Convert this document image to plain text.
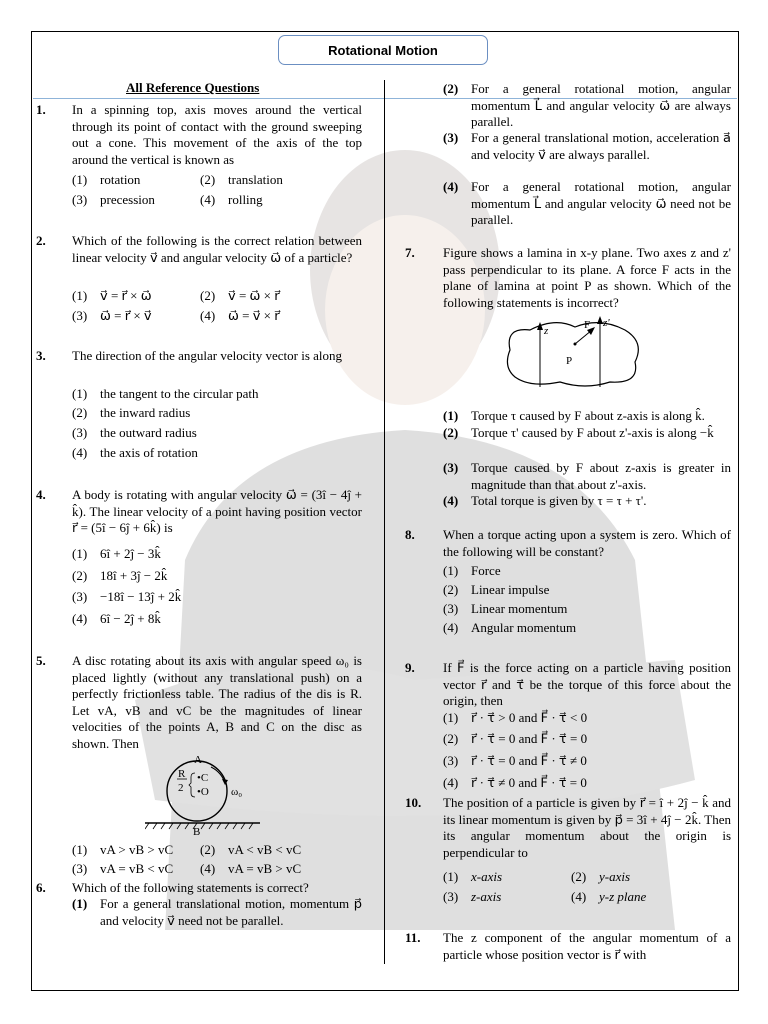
Rotational Motion
All Reference Questions
1. In a spinning top, axis moves around the vertical through its point of contact with the ground sweeping out a cone. This movement of the axis of the top around the vertical is known as
(1) rotation	(2) translation
(3) precession	(4) rolling
2. Which of the following is the correct relation between linear velocity v⃗ and angular velocity ω⃗ of a particle?
(1) v⃗ = r⃗ × ω⃗	(2) v⃗ = ω⃗ × r⃗
(3) ω⃗ = r⃗ × v⃗	(4) ω⃗ = v⃗ × r⃗
3. The direction of the angular velocity vector is along
(1) the tangent to the circular path
(2) the inward radius
(3) the outward radius
(4) the axis of rotation
4. A body is rotating with angular velocity ω⃗ = (3î − 4ĵ + k̂). The linear velocity of a point having position vector r⃗ = (5î − 6ĵ + 6k̂) is
(1) 6î + 2ĵ − 3k̂
(2) 18î + 3ĵ − 2k̂
(3) −18î − 13ĵ + 2k̂
(4) 6î − 2ĵ + 8k̂
5. A disc rotating about its axis with angular speed ω₀ is placed lightly (without any translational push) on a perfectly frictionless table. The radius of the dis is R. Let vA, vB and vC be the magnitudes of linear velocities of the points A, B and C on the disc as shown. Then
A
B
•C
•O
R
2	ω₀
(1) vA > vB > vC (2) vA < vB < vC
(3) vA = vB < vC (4) vA = vB > vC
6. Which of the following statements is correct?
(1) For a general translational motion, momentum p⃗ and velocity v⃗ need not be parallel.
(2) For a general rotational motion, angular momentum L⃗ and angular velocity ω⃗ are always parallel.
(3) For a general translational motion, acceleration a⃗ and velocity v⃗ are always parallel.
(4) For a general rotational motion, angular momentum L⃗ and angular velocity ω⃗ need not be parallel.
7. Figure shows a lamina in x-y plane. Two axes z and z' pass perpendicular to its plane. A force F acts in the plane of lamina at point P as shown. Which of the following statements is incorrect?
z
z'
F
P
(1) Torque τ caused by F about z-axis is along k̂.
(2) Torque τ' caused by F about z'-axis is along −k̂
(3) Torque caused by F about z-axis is greater in magnitude than that about z'-axis.
(4) Total torque is given by τ = τ + τ'.
8. When a torque acting upon a system is zero. Which of the following will be constant?
(1) Force
(2) Linear impulse
(3) Linear momentum
(4) Angular momentum
9. If F⃗ is the force acting on a particle having position vector r⃗ and τ⃗ be the torque of this force about the origin, then
(1) r⃗ · τ⃗ > 0 and F⃗ · τ⃗ < 0
(2) r⃗ · τ⃗ = 0 and F⃗ · τ⃗ = 0
(3) r⃗ · τ⃗ = 0 and F⃗ · τ⃗ ≠ 0
(4) r⃗ · τ⃗ ≠ 0 and F⃗ · τ⃗ = 0
10. The position of a particle is given by r⃗ = î + 2ĵ − k̂ and its linear momentum is given by p⃗ = 3î + 4ĵ − 2k̂. Then its angular momentum about the origin is perpendicular to
(1) x-axis	(2) y-axis
(3) z-axis	(4) y-z plane
11. The z component of the angular momentum of a particle whose position vector is r⃗ with
